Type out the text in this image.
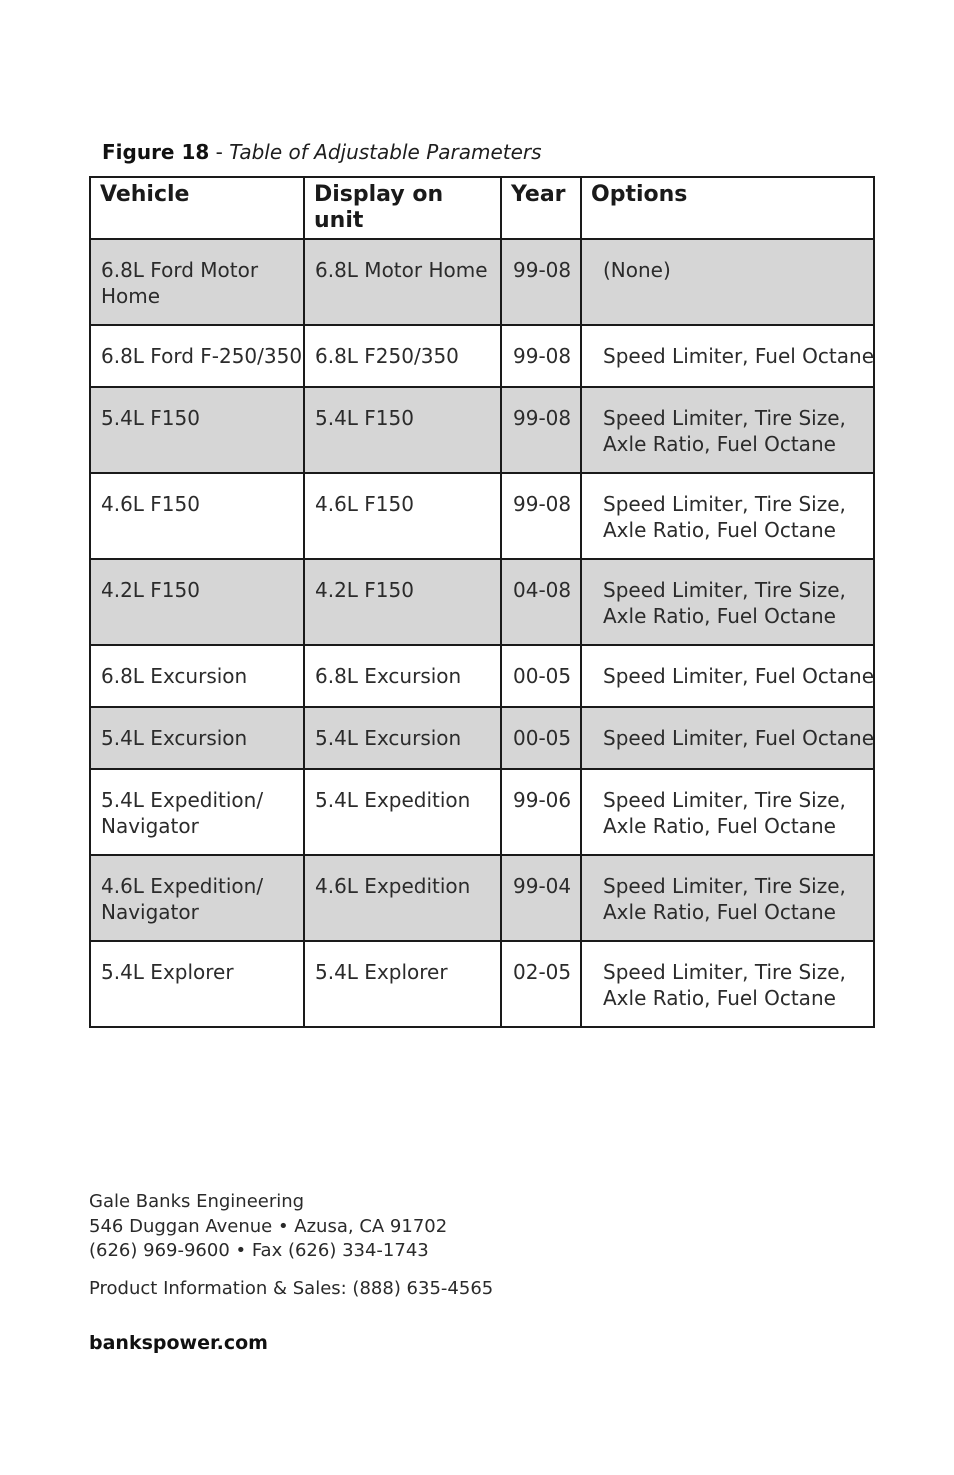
Figure 18 - Table of Adjustable Parameters
Vehicle	Display on unit	Year	Options
6.8L Ford Motor Home	6.8L Motor Home	99-08	(None)
6.8L Ford F-250/350	6.8L F250/350	99-08	Speed Limiter, Fuel Octane
5.4L F150	5.4L F150	99-08	Speed Limiter, Tire Size, Axle Ratio, Fuel Octane
4.6L F150	4.6L F150	99-08	Speed Limiter, Tire Size, Axle Ratio, Fuel Octane
4.2L F150	4.2L F150	04-08	Speed Limiter, Tire Size, Axle Ratio, Fuel Octane
6.8L Excursion	6.8L Excursion	00-05	Speed Limiter, Fuel Octane
5.4L Excursion	5.4L Excursion	00-05	Speed Limiter, Fuel Octane
5.4L Expedition/ Navigator	5.4L Expedition	99-06	Speed Limiter, Tire Size, Axle Ratio, Fuel Octane
4.6L Expedition/ Navigator	4.6L Expedition	99-04	Speed Limiter, Tire Size, Axle Ratio, Fuel Octane
5.4L Explorer	5.4L Explorer	02-05	Speed Limiter, Tire Size, Axle Ratio, Fuel Octane
Gale Banks Engineering
546 Duggan Avenue • Azusa, CA 91702
(626) 969-9600 • Fax (626) 334-1743
Product Information & Sales: (888) 635-4565
bankspower.com
